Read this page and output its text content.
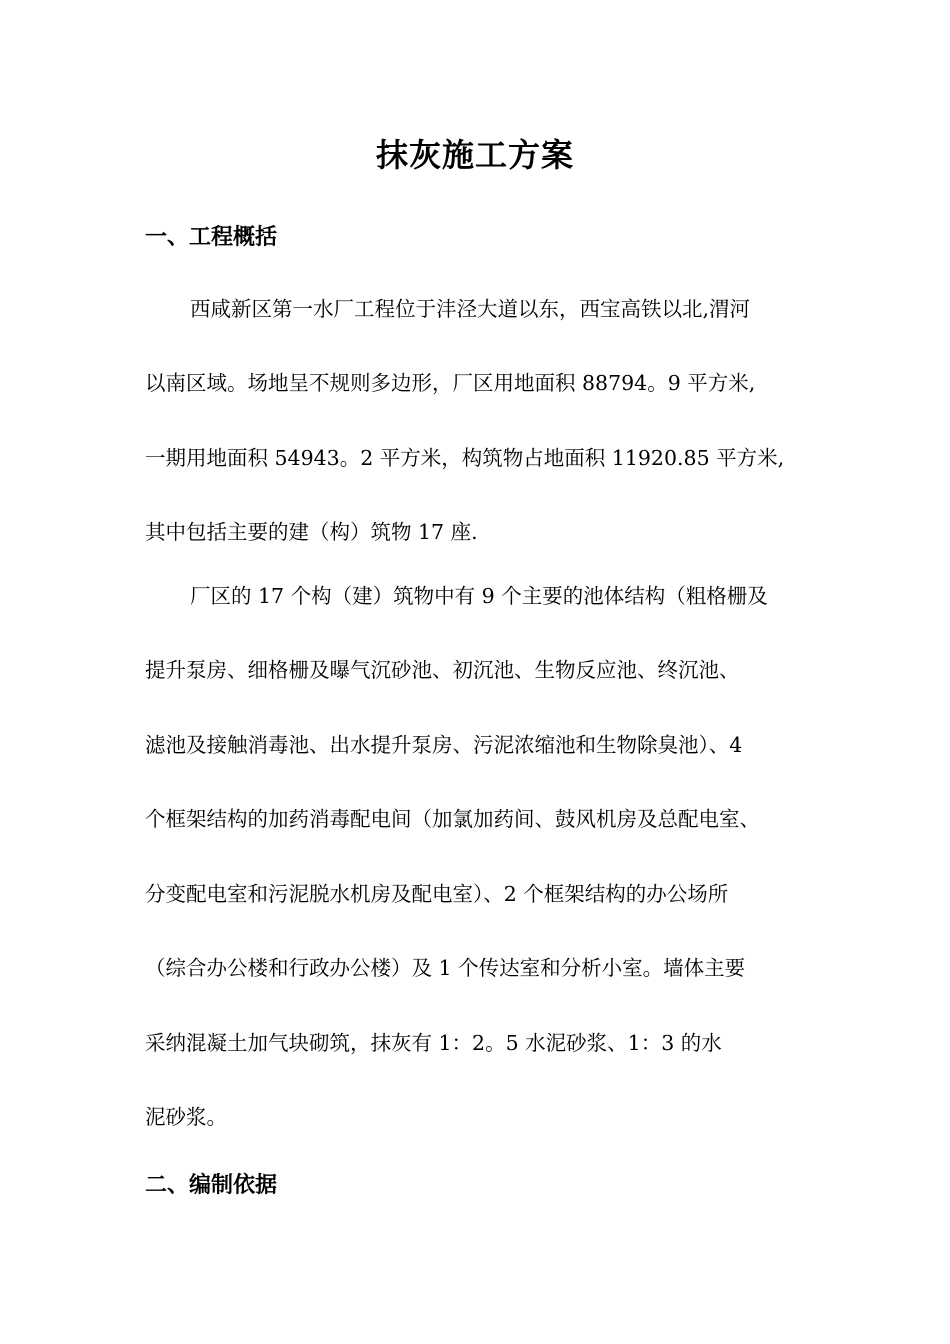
抹灰施工方案
一、工程概括
西咸新区第一水厂工程位于沣泾大道以东，西宝高铁以北,渭河
以南区域。场地呈不规则多边形，厂区用地面积 88794。9 平方米,
一期用地面积 54943。2 平方米，构筑物占地面积 11920.85 平方米,
其中包括主要的建（构）筑物 17 座.
厂区的 17 个构（建）筑物中有 9 个主要的池体结构（粗格栅及
提升泵房、细格栅及曝气沉砂池、初沉池、生物反应池、终沉池、
滤池及接触消毒池、出水提升泵房、污泥浓缩池和生物除臭池）、4
个框架结构的加药消毒配电间（加氯加药间、鼓风机房及总配电室、
分变配电室和污泥脱水机房及配电室）、2 个框架结构的办公场所
（综合办公楼和行政办公楼）及 1 个传达室和分析小室。墙体主要
采纳混凝土加气块砌筑，抹灰有 1：2。5 水泥砂浆、1：3 的水
泥砂浆。
二、编制依据
